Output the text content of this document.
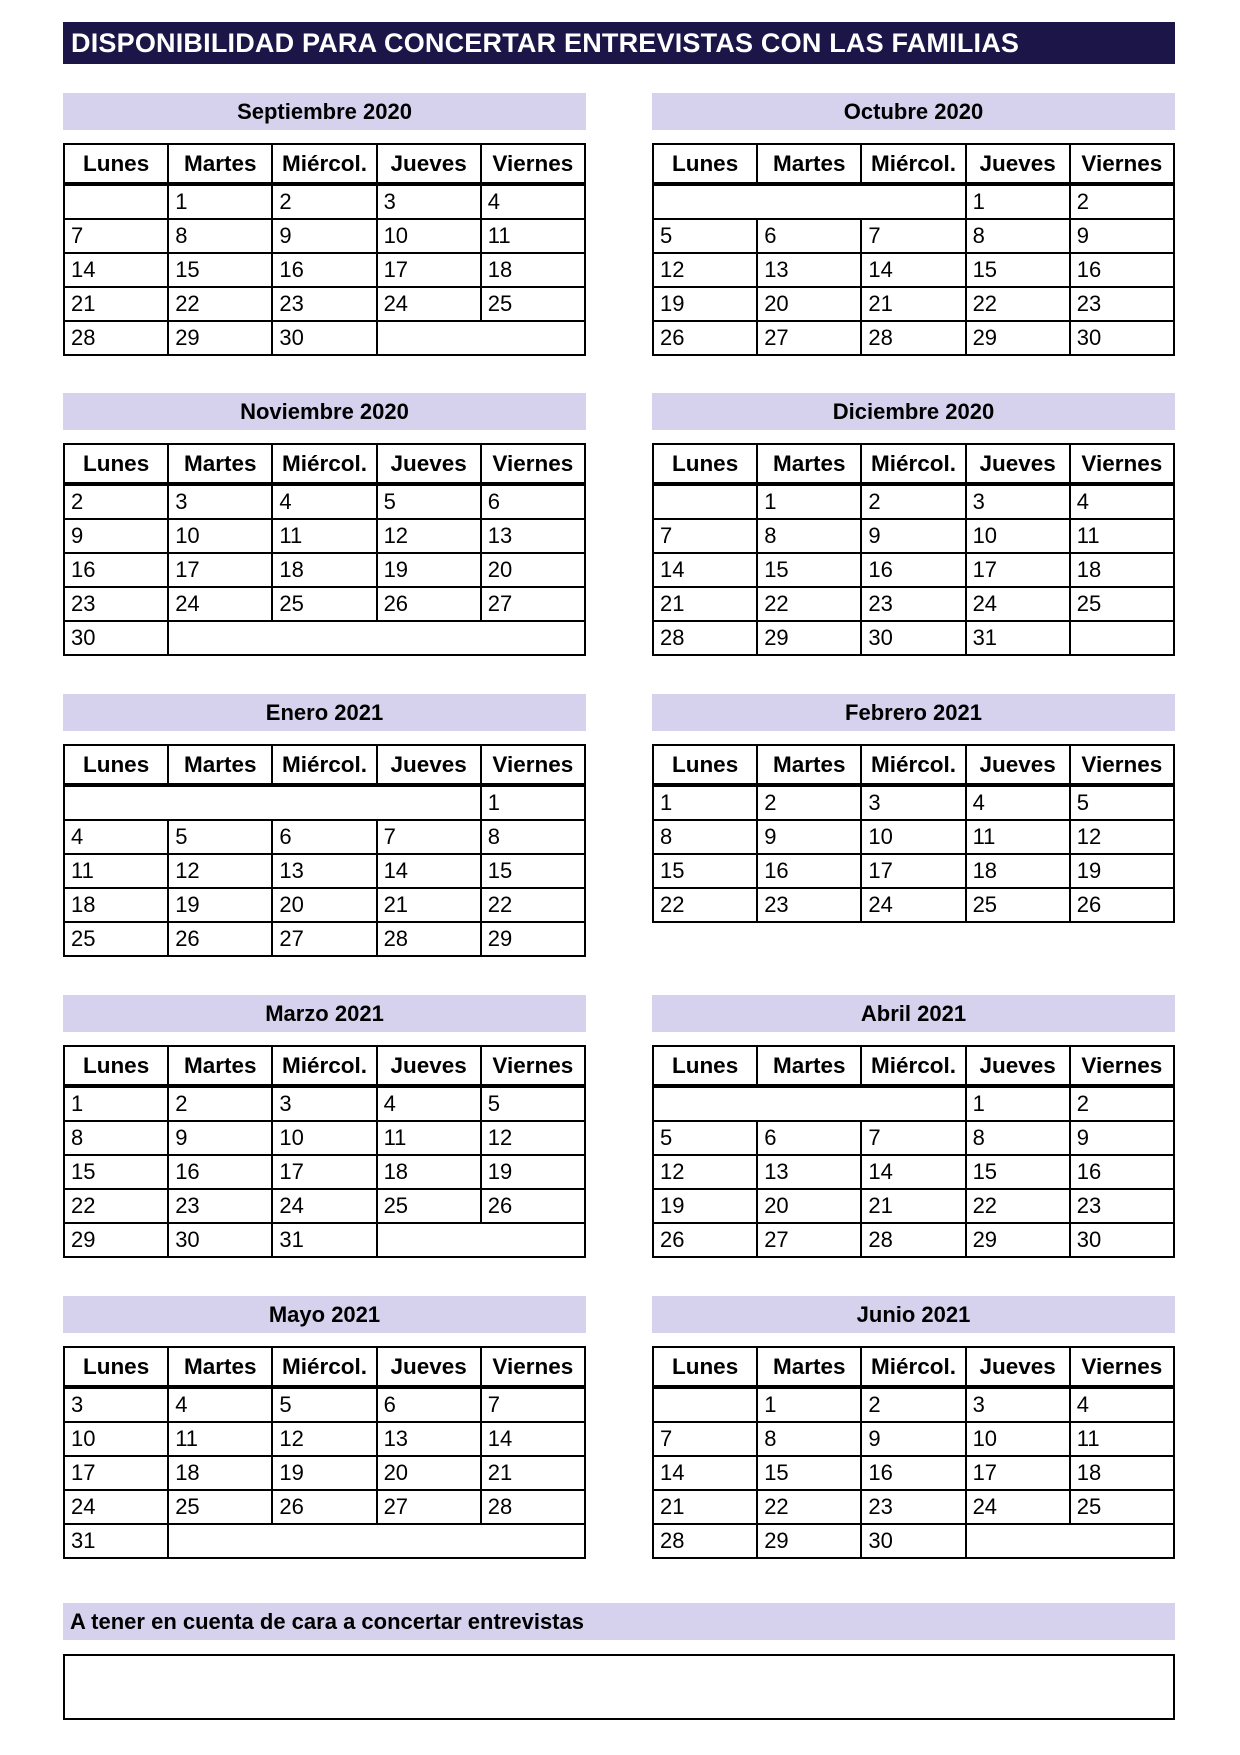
DISPONIBILIDAD PARA CONCERTAR ENTREVISTAS CON LAS FAMILIAS
Septiembre 2020
Lunes	Martes	Miércol.	Jueves	Viernes
	1	2	3	4
7	8	9	10	11
14	15	16	17	18
21	22	23	24	25
28	29	30		
Octubre 2020
Lunes	Martes	Miércol.	Jueves	Viernes
			1	2
5	6	7	8	9
12	13	14	15	16
19	20	21	22	23
26	27	28	29	30
Noviembre 2020
Lunes	Martes	Miércol.	Jueves	Viernes
2	3	4	5	6
9	10	11	12	13
16	17	18	19	20
23	24	25	26	27
30				
Diciembre 2020
Lunes	Martes	Miércol.	Jueves	Viernes
	1	2	3	4
7	8	9	10	11
14	15	16	17	18
21	22	23	24	25
28	29	30	31	
Enero 2021
Lunes	Martes	Miércol.	Jueves	Viernes
				1
4	5	6	7	8
11	12	13	14	15
18	19	20	21	22
25	26	27	28	29
Febrero 2021
Lunes	Martes	Miércol.	Jueves	Viernes
1	2	3	4	5
8	9	10	11	12
15	16	17	18	19
22	23	24	25	26
Marzo 2021
Lunes	Martes	Miércol.	Jueves	Viernes
1	2	3	4	5
8	9	10	11	12
15	16	17	18	19
22	23	24	25	26
29	30	31		
Abril 2021
Lunes	Martes	Miércol.	Jueves	Viernes
			1	2
5	6	7	8	9
12	13	14	15	16
19	20	21	22	23
26	27	28	29	30
Mayo 2021
Lunes	Martes	Miércol.	Jueves	Viernes
3	4	5	6	7
10	11	12	13	14
17	18	19	20	21
24	25	26	27	28
31				
Junio 2021
Lunes	Martes	Miércol.	Jueves	Viernes
	1	2	3	4
7	8	9	10	11
14	15	16	17	18
21	22	23	24	25
28	29	30		
A tener en cuenta de cara a concertar entrevistas
